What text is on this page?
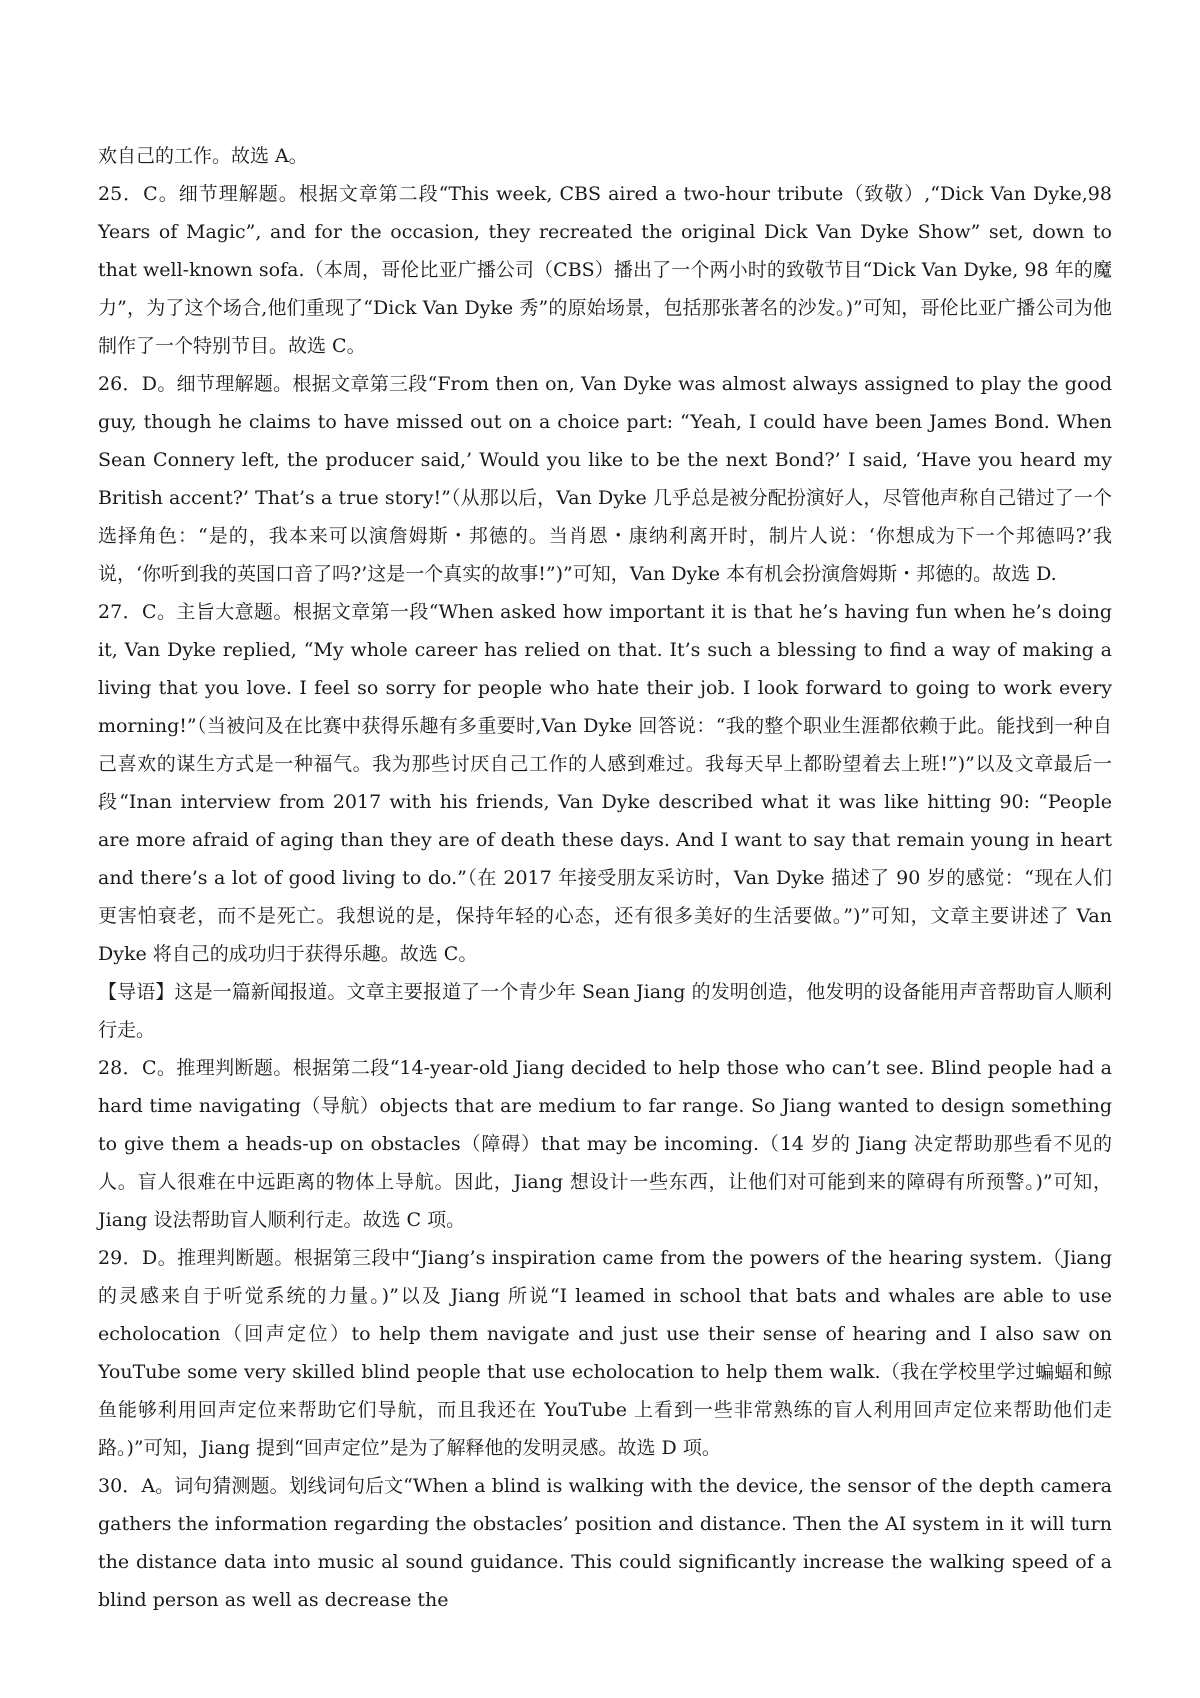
欢自己的工作。故选 A。

25．C。细节理解题。根据文章第二段“This week, CBS aired a two-hour tribute（致敬）,“Dick Van Dyke,98 Years of Magic”, and for the occasion, they recreated the original Dick Van Dyke Show” set, down to that well-known sofa.（本周，哥伦比亚广播公司（CBS）播出了一个两小时的致敬节目“Dick Van Dyke, 98 年的魔力”，为了这个场合,他们重现了“Dick Van Dyke 秀”的原始场景，包括那张著名的沙发。)”可知，哥伦比亚广播公司为他制作了一个特别节目。故选 C。

26．D。细节理解题。根据文章第三段“From then on, Van Dyke was almost always assigned to play the good guy, though he claims to have missed out on a choice part: “Yeah, I could have been James Bond. When Sean Connery left, the producer said,’ Would you like to be the next Bond?’ I said, ‘Have you heard my British accent?’ That’s a true story!”（从那以后，Van Dyke 几乎总是被分配扮演好人，尽管他声称自己错过了一个选择角色：“是的，我本来可以演詹姆斯・邦德的。当肖恩・康纳利离开时，制片人说：‘你想成为下一个邦德吗?’我说，‘你听到我的英国口音了吗?’这是一个真实的故事!”)”可知，Van Dyke 本有机会扮演詹姆斯・邦德的。故选 D.

27．C。主旨大意题。根据文章第一段“When asked how important it is that he’s having fun when he’s doing it, Van Dyke replied, “My whole career has relied on that. It’s such a blessing to find a way of making a living that you love. I feel so sorry for people who hate their job. I look forward to going to work every morning!”（当被问及在比赛中获得乐趣有多重要时,Van Dyke 回答说：“我的整个职业生涯都依赖于此。能找到一种自己喜欢的谋生方式是一种福气。我为那些讨厌自己工作的人感到难过。我每天早上都盼望着去上班!”)”以及文章最后一段“Inan interview from 2017 with his friends, Van Dyke described what it was like hitting 90: “People are more afraid of aging than they are of death these days. And I want to say that remain young in heart and there’s a lot of good living to do.”（在 2017 年接受朋友采访时，Van Dyke 描述了 90 岁的感觉：“现在人们更害怕衰老，而不是死亡。我想说的是，保持年轻的心态，还有很多美好的生活要做。”)”可知，文章主要讲述了 Van Dyke 将自己的成功归于获得乐趣。故选 C。

【导语】这是一篇新闻报道。文章主要报道了一个青少年 Sean Jiang 的发明创造，他发明的设备能用声音帮助盲人顺利行走。

28．C。推理判断题。根据第二段“14-year-old Jiang decided to help those who can’t see. Blind people had a hard time navigating（导航）objects that are medium to far range. So Jiang wanted to design something to give them a heads-up on obstacles（障碍）that may be incoming.（14 岁的 Jiang 决定帮助那些看不见的人。盲人很难在中远距离的物体上导航。因此，Jiang 想设计一些东西，让他们对可能到来的障碍有所预警。)”可知，Jiang 设法帮助盲人顺利行走。故选 C 项。

29．D。推理判断题。根据第三段中“Jiang’s inspiration came from the powers of the hearing system.（Jiang 的灵感来自于听觉系统的力量。)”以及 Jiang 所说“I leamed in school that bats and whales are able to use echolocation（回声定位）to help them navigate and just use their sense of hearing and I also saw on YouTube some very skilled blind people that use echolocation to help them walk.（我在学校里学过蝙蝠和鲸鱼能够利用回声定位来帮助它们导航，而且我还在 YouTube 上看到一些非常熟练的盲人利用回声定位来帮助他们走路。)”可知，Jiang 提到“回声定位”是为了解释他的发明灵感。故选 D 项。

30．A。词句猜测题。划线词句后文“When a blind is walking with the device, the sensor of the depth camera gathers the information regarding the obstacles’ position and distance. Then the AI system in it will turn the distance data into music al sound guidance. This could significantly increase the walking speed of a blind person as well as decrease the
